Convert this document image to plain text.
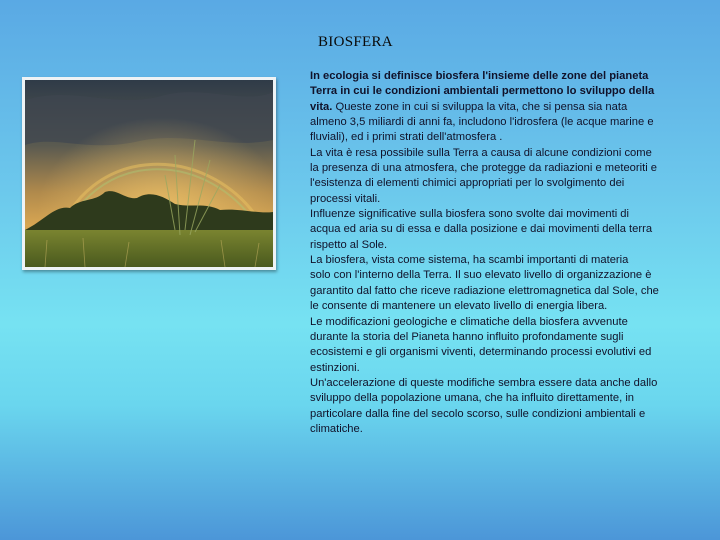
BIOSFERA

In ecologia si definisce biosfera l'insieme delle zone del pianeta
Terra in cui le condizioni ambientali permettono lo sviluppo della
vita. Queste zone in cui si sviluppa la vita, che si pensa sia nata
almeno 3,5 miliardi di anni fa, includono l'idrosfera (le acque marine e
fluviali), ed i primi strati dell'atmosfera .

La vita è resa possibile sulla Terra a causa di alcune condizioni come
la presenza di una atmosfera, che protegge da radiazioni e meteoriti e
l'esistenza di elementi chimici appropriati per lo svolgimento dei
processi vitali.

Influenze significative sulla biosfera sono svolte dai movimenti di
acqua ed aria su di essa e dalla posizione e dai movimenti della terra
rispetto al Sole.

La biosfera, vista come sistema, ha scambi importanti di materia
solo con l'interno della Terra. Il suo elevato livello di organizzazione è
garantito dal fatto che riceve radiazione elettromagnetica dal Sole, che
le consente di mantenere un elevato livello di energia libera.

Le modificazioni geologiche e climatiche della biosfera avvenute
durante la storia del Pianeta hanno influito profondamente sugli
ecosistemi e gli organismi viventi, determinando processi evolutivi ed
estinzioni.

Un'accelerazione di queste modifiche sembra essere data anche dallo
sviluppo della popolazione umana, che ha influito direttamente, in
particolare dalla fine del secolo scorso, sulle condizioni ambientali e
climatiche.
